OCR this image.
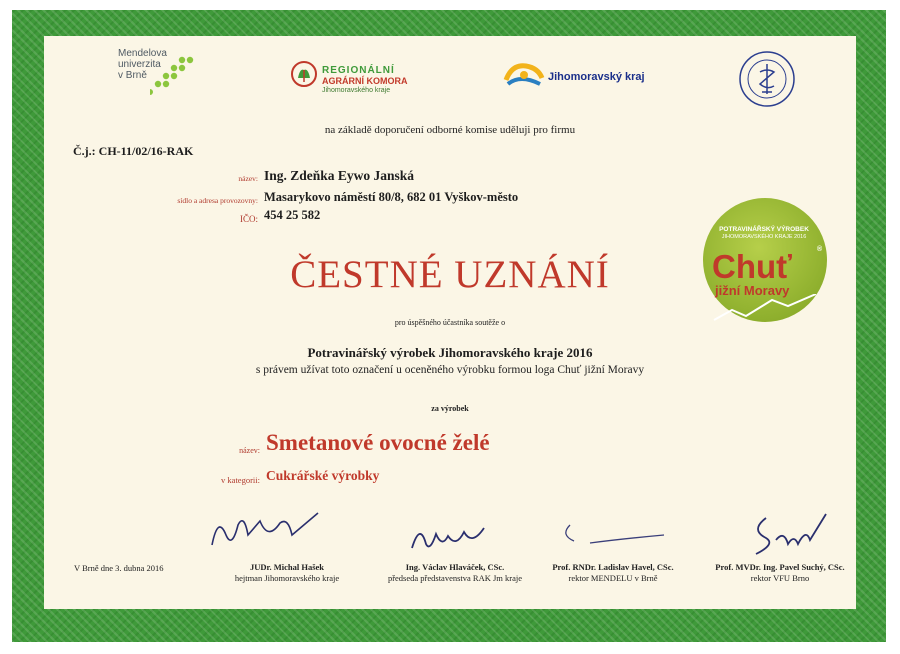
Mendelova
univerzita
v Brně	REGIONÁLNÍ
AGRÁRNÍ KOMORA
Jihomoravského kraje
Jihomoravský kraj
na základě doporučení odborné komise uděluji pro firmu
Č.j.: CH-11/02/16-RAK
název: Ing. Zdeňka Eywo Janská
sídlo a adresa provozovny: Masarykovo náměstí 80/8, 682 01 Vyškov-město
IČO: 454 25 582
ČESTNÉ UZNÁNÍ
pro úspěšného účastníka soutěže o
Potravinářský výrobek Jihomoravského kraje 2016
s právem užívat toto označení u oceněného výrobku formou loga Chuť jižní Moravy
za výrobek
název: Smetanové ovocné želé
v kategorii: Cukrářské výrobky
POTRAVINÁŘSKÝ VÝROBEK
JIHOMORAVSKÉHO KRAJE 2016
Chuť
jižní Moravy
®
V Brně dne 3. dubna 2016	JUDr. Michal Hašek
hejtman Jihomoravského kraje
Ing. Václav Hlaváček, CSc.
předseda představenstva RAK Jm kraje
Prof. RNDr. Ladislav Havel, CSc.
rektor MENDELU v Brně
Prof. MVDr. Ing. Pavel Suchý, CSc.
rektor VFU Brno
